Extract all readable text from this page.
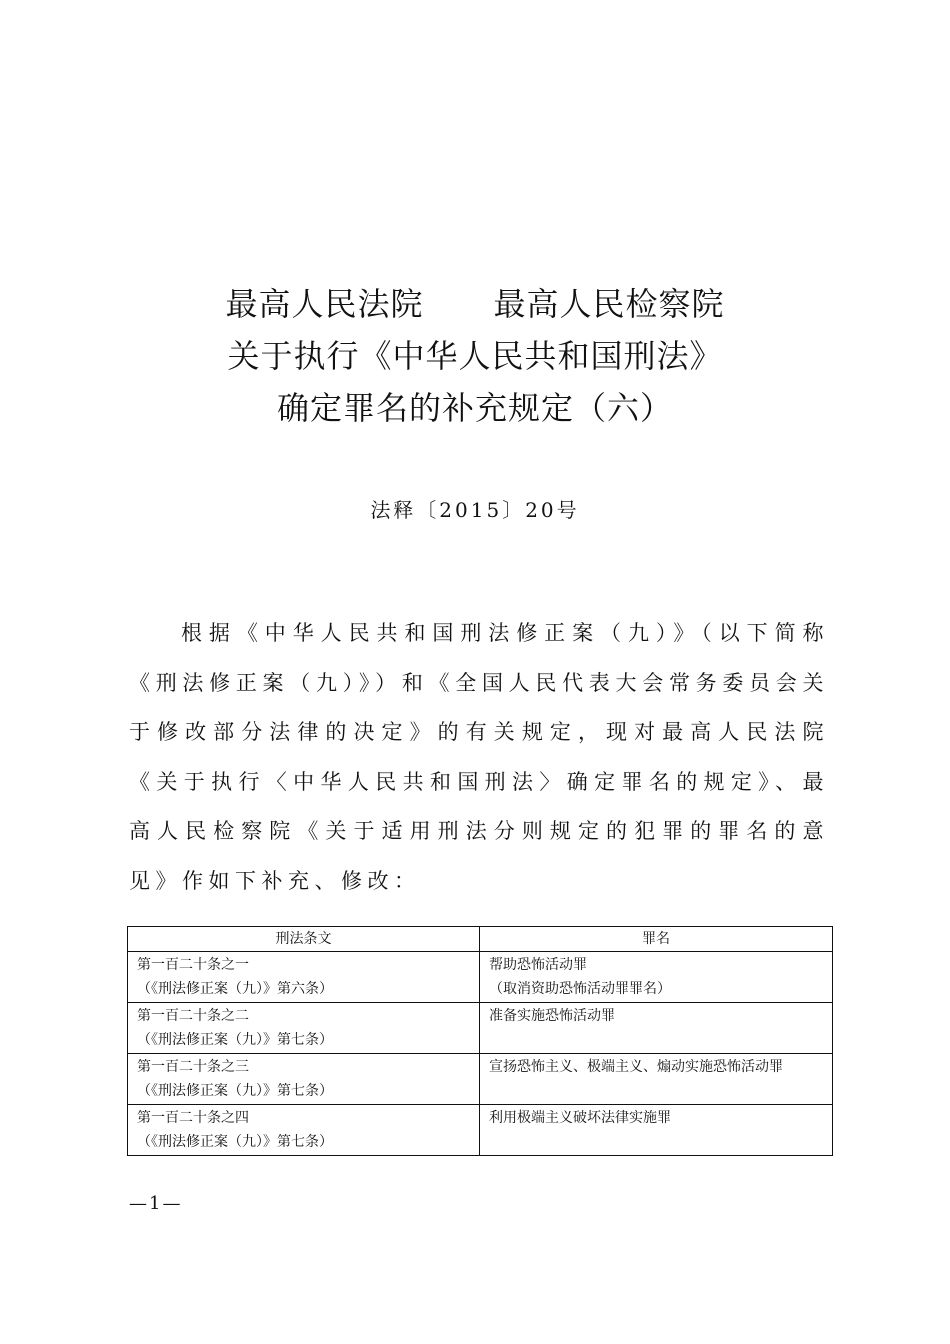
最高人民法院 最高人民检察院
关于执行《中华人民共和国刑法》
确定罪名的补充规定（六）
法释〔2015〕20号

根据《中华人民共和国刑法修正案（九）》（以下简称《刑法修正案（九）》）和《全国人民代表大会常务委员会关于修改部分法律的决定》的有关规定，现对最高人民法院《关于执行〈中华人民共和国刑法〉确定罪名的规定》、最高人民检察院《关于适用刑法分则规定的犯罪的罪名的意见》作如下补充、修改：

刑法条文	罪名

第一百二十条之一
（《刑法修正案（九）》第六条）	帮助恐怖活动罪
（取消资助恐怖活动罪罪名）

第一百二十条之二
（《刑法修正案（九）》第七条）	准备实施恐怖活动罪

第一百二十条之三
（《刑法修正案（九）》第七条）	宣扬恐怖主义、极端主义、煽动实施恐怖活动罪

第一百二十条之四
（《刑法修正案（九）》第七条）	利用极端主义破坏法律实施罪
—1—
